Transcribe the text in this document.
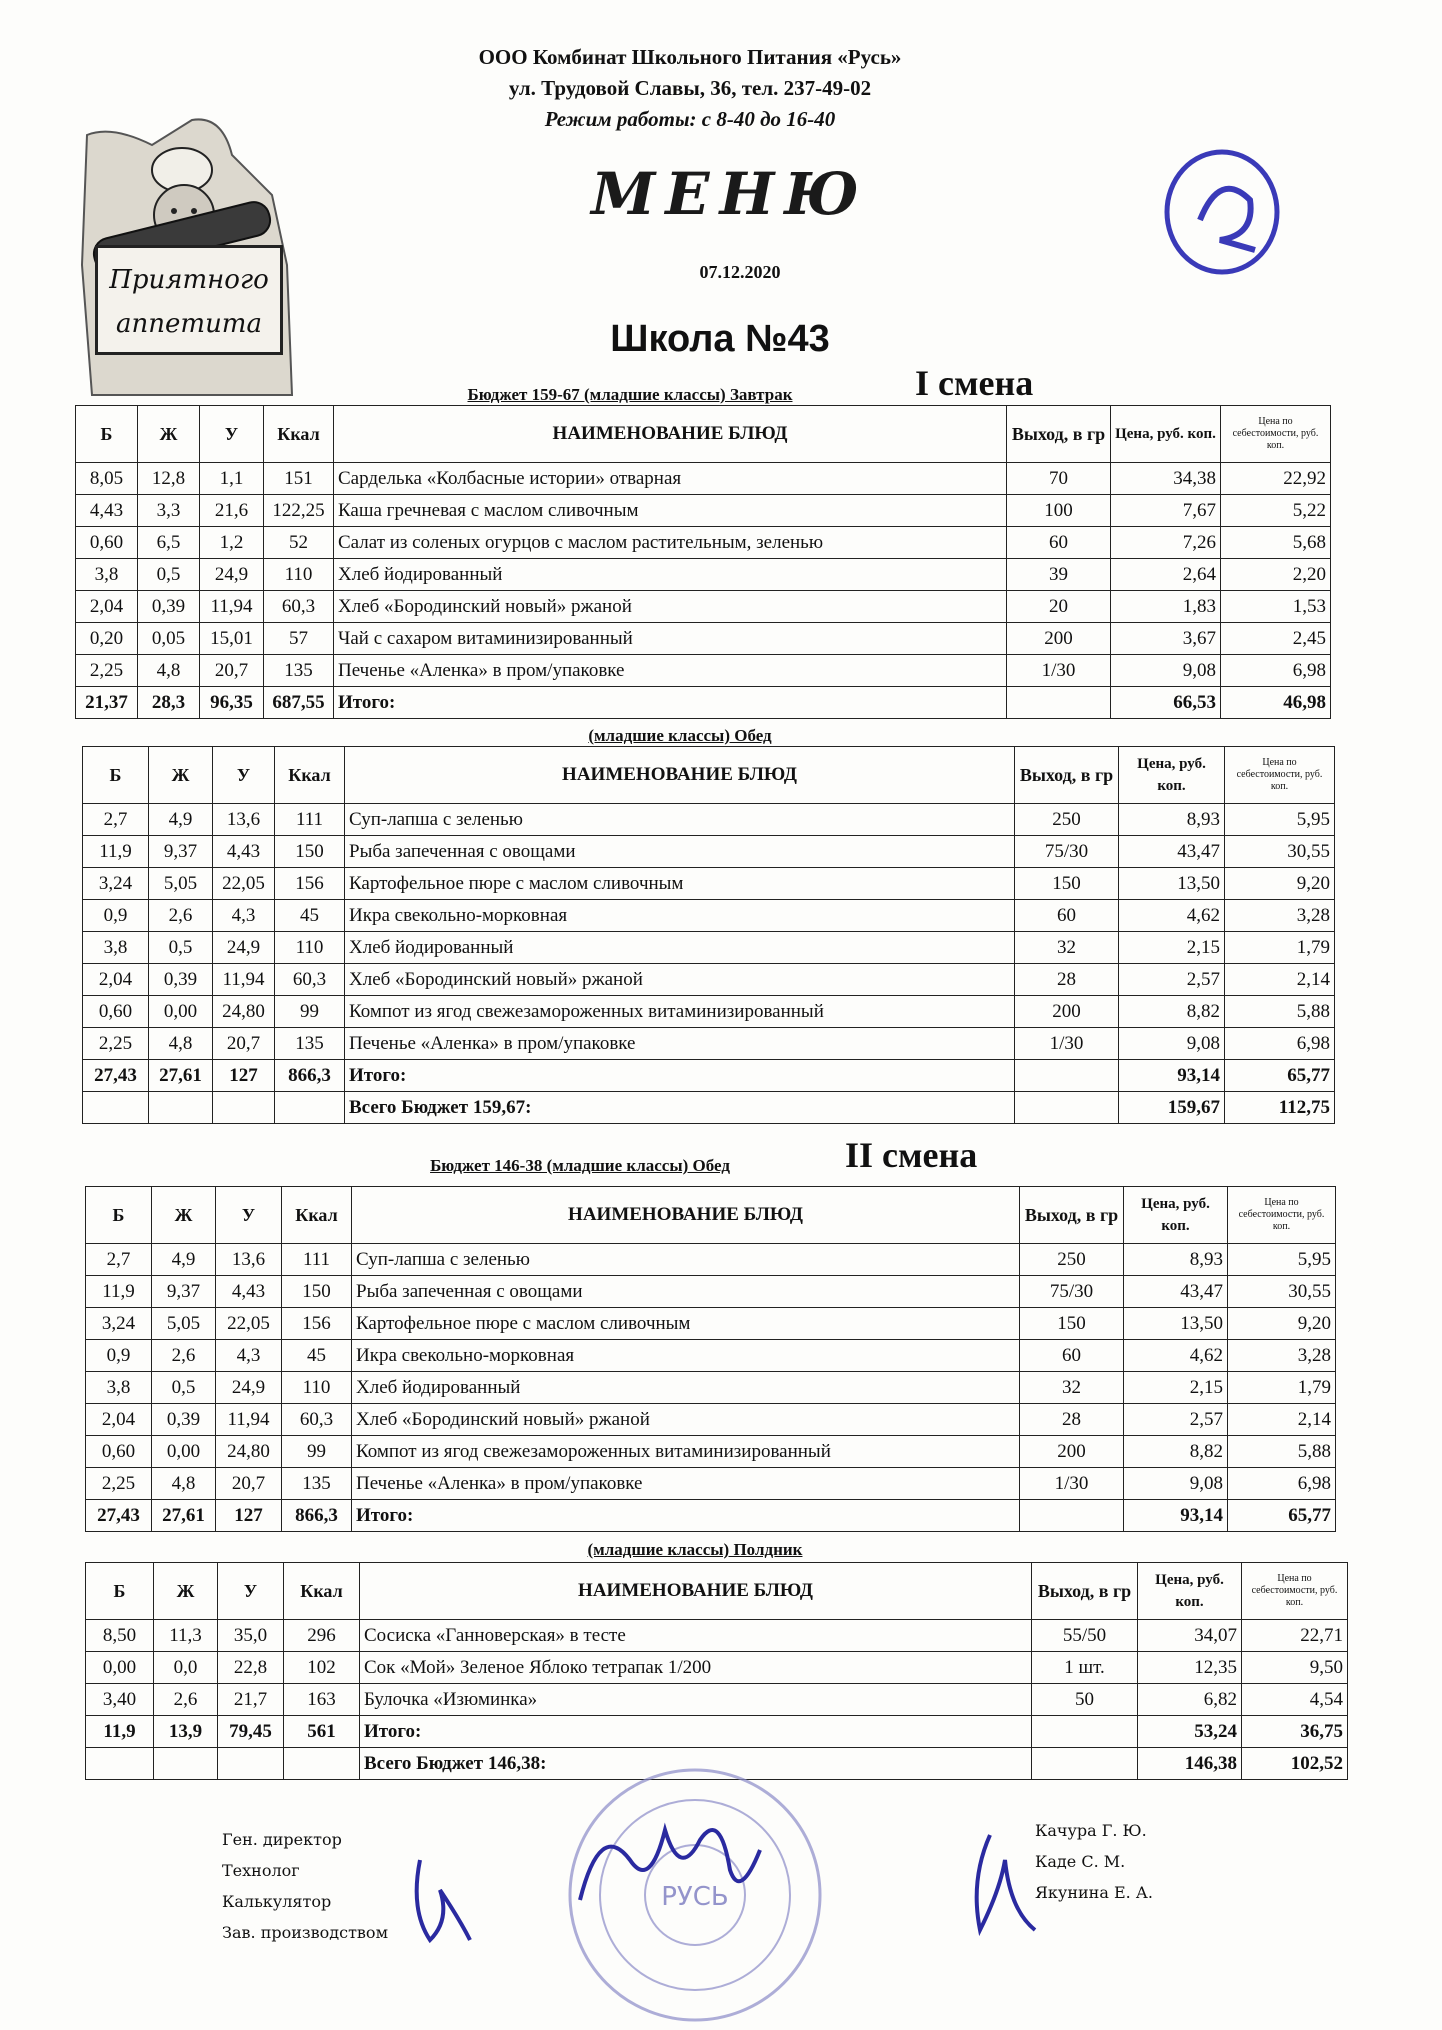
ООО Комбинат Школьного Питания «Русь»
ул. Трудовой Славы, 36, тел. 237-49-02
Режим работы: с 8-40 до 16-40
МЕНЮ
07.12.2020
Школа №43
Приятного
аппетита
Бюджет 159-67 (младшие классы) Завтрак	I смена
Б	Ж	У	Ккал	НАИМЕНОВАНИЕ БЛЮД	Выход, в гр	Цена, руб. коп.	Цена по себестоимости, руб. коп.
8,05	12,8	1,1	151	Сарделька «Колбасные истории» отварная	70	34,38	22,92
4,43	3,3	21,6	122,25	Каша гречневая с маслом сливочным	100	7,67	5,22
0,60	6,5	1,2	52	Салат из соленых огурцов с маслом растительным, зеленью	60	7,26	5,68
3,8	0,5	24,9	110	Хлеб йодированный	39	2,64	2,20
2,04	0,39	11,94	60,3	Хлеб «Бородинский новый» ржаной	20	1,83	1,53
0,20	0,05	15,01	57	Чай с сахаром витаминизированный	200	3,67	2,45
2,25	4,8	20,7	135	Печенье «Аленка» в пром/упаковке	1/30	9,08	6,98
21,37	28,3	96,35	687,55	Итого:		66,53	46,98
(младшие классы) Обед
Б	Ж	У	Ккал	НАИМЕНОВАНИЕ БЛЮД	Выход, в гр	Цена, руб. коп.	Цена по себестоимости, руб. коп.
2,7	4,9	13,6	111	Суп-лапша с зеленью	250	8,93	5,95
11,9	9,37	4,43	150	Рыба запеченная с овощами	75/30	43,47	30,55
3,24	5,05	22,05	156	Картофельное пюре с маслом сливочным	150	13,50	9,20
0,9	2,6	4,3	45	Икра свекольно-морковная	60	4,62	3,28
3,8	0,5	24,9	110	Хлеб йодированный	32	2,15	1,79
2,04	0,39	11,94	60,3	Хлеб «Бородинский новый» ржаной	28	2,57	2,14
0,60	0,00	24,80	99	Компот из ягод свежезамороженных витаминизированный	200	8,82	5,88
2,25	4,8	20,7	135	Печенье «Аленка» в пром/упаковке	1/30	9,08	6,98
27,43	27,61	127	866,3	Итого:		93,14	65,77
				Всего Бюджет 159,67:		159,67	112,75
Бюджет 146-38 (младшие классы) Обед	II смена
Б	Ж	У	Ккал	НАИМЕНОВАНИЕ БЛЮД	Выход, в гр	Цена, руб. коп.	Цена по себестоимости, руб. коп.
2,7	4,9	13,6	111	Суп-лапша с зеленью	250	8,93	5,95
11,9	9,37	4,43	150	Рыба запеченная с овощами	75/30	43,47	30,55
3,24	5,05	22,05	156	Картофельное пюре с маслом сливочным	150	13,50	9,20
0,9	2,6	4,3	45	Икра свекольно-морковная	60	4,62	3,28
3,8	0,5	24,9	110	Хлеб йодированный	32	2,15	1,79
2,04	0,39	11,94	60,3	Хлеб «Бородинский новый» ржаной	28	2,57	2,14
0,60	0,00	24,80	99	Компот из ягод свежезамороженных витаминизированный	200	8,82	5,88
2,25	4,8	20,7	135	Печенье «Аленка» в пром/упаковке	1/30	9,08	6,98
27,43	27,61	127	866,3	Итого:		93,14	65,77
(младшие классы) Полдник
Б	Ж	У	Ккал	НАИМЕНОВАНИЕ БЛЮД	Выход, в гр	Цена, руб. коп.	Цена по себестоимости, руб. коп.
8,50	11,3	35,0	296	Сосиска «Ганноверская» в тесте	55/50	34,07	22,71
0,00	0,0	22,8	102	Сок «Мой» Зеленое Яблоко тетрапак 1/200	1 шт.	12,35	9,50
3,40	2,6	21,7	163	Булочка «Изюминка»	50	6,82	4,54
11,9	13,9	79,45	561	Итого:		53,24	36,75
				Всего Бюджет 146,38:		146,38	102,52
Ген. директор
Технолог
Калькулятор
Зав. производством
Качура Г. Ю.
Каде С. М.
Якунина Е. А.
РУСЬ
